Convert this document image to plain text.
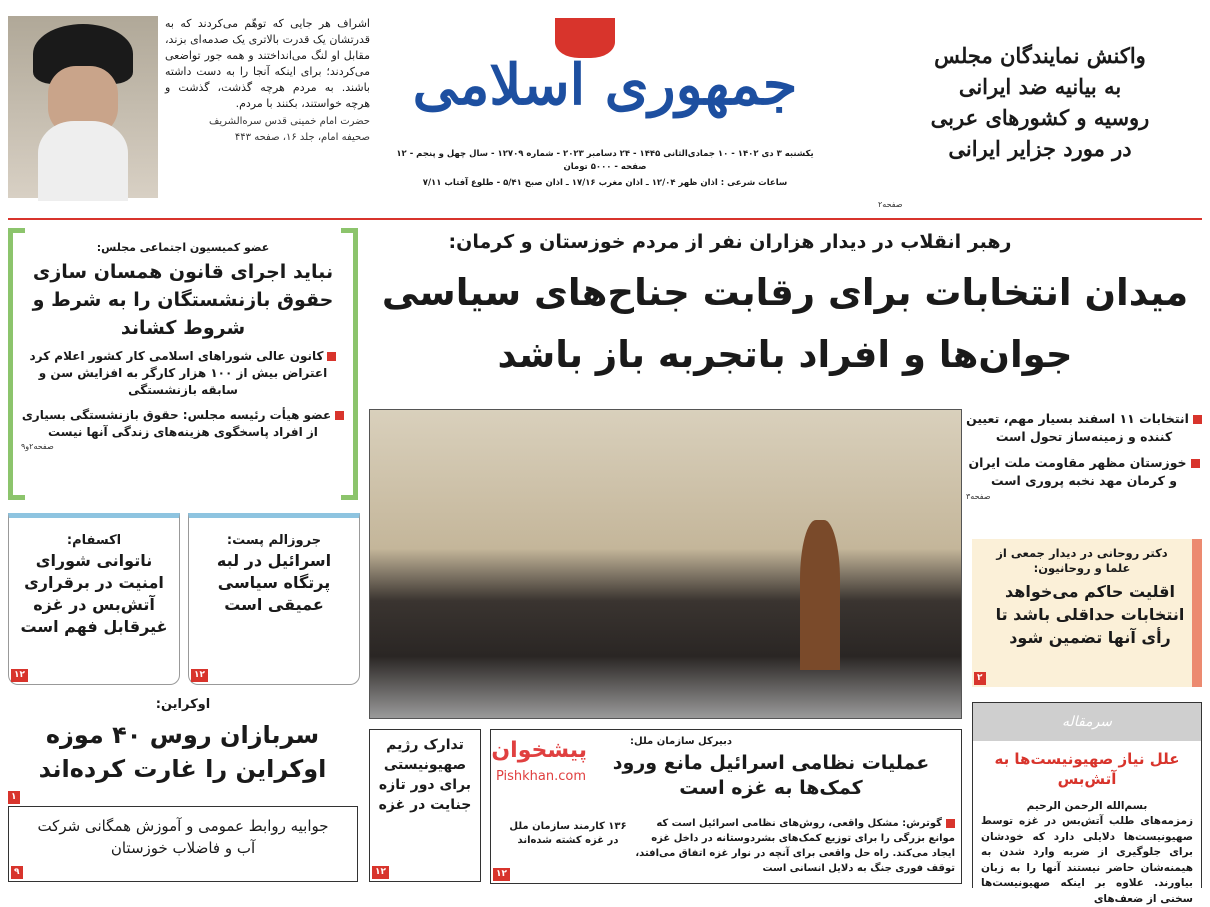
اشراف هر جایی که توهّم می‌کردند که به قدرتشان یک قدرت بالاتری یک صدمه‌ای بزند، مقابل او لنگ می‌انداختند و همه جور تواضعی می‌کردند؛ برای اینکه آنجا را به دست داشته باشند. به مردم هرچه گذشت، گذشت و هرچه خواستند، بکنند با مردم.
حضرت امام خمینی قدس سره‌الشریف
صحیفه امام، جلد ۱۶، صفحه ۴۴۳
جمهوری اسلامی
یکشنبه ۳ دی ۱۴۰۲ - ۱۰ جمادی‌الثانی ۱۴۴۵ - ۲۴ دسامبر ۲۰۲۳ - شماره ۱۲۷۰۹ - سال چهل و پنجم - ۱۲ صفحه - ۵۰۰۰ تومان
ساعات شرعی : اذان ظهر ۱۲/۰۴ ـ اذان مغرب ۱۷/۱۶ ـ اذان صبح ۵/۴۱ - طلوع آفتاب ۷/۱۱
واکنش نمایندگان مجلس
به بیانیه ضد ایرانی
روسیه و کشورهای عربی
در مورد جزایر ایرانی
صفحه۲
رهبر انقلاب در دیدار هزاران نفر از مردم خوزستان و کرمان:
میدان انتخابات برای رقابت جناح‌های سیاسی
جوان‌ها و افراد باتجربه باز باشد
انتخابات ۱۱ اسفند بسیار مهم، تعیین کننده و زمینه‌ساز تحول است
خوزستان مظهر مقاومت ملت ایران و کرمان مهد نخبه پروری است
صفحه۳
عضو کمیسیون اجتماعی مجلس:
نباید اجرای قانون همسان سازی حقوق بازنشستگان را به شرط و شروط کشاند
کانون عالی شوراهای اسلامی کار کشور اعلام کرد اعتراض بیش از ۱۰۰ هزار کارگر به افزایش سن و سابقه بازنشستگی
عضو هیأت رئیسه مجلس: حقوق بازنشستگی بسیاری از افراد پاسخگوی هزینه‌های زندگی آنها نیست
صفحه۲و۹
اکسفام:
ناتوانی شورای امنیت در برقراری آتش‌بس در غزه غیرقابل فهم است
۱۲
جروزالم پست:
اسرائیل در لبه پرتگاه سیاسی عمیقی است
۱۲
اوکراین:
سربازان روس ۴۰ موزه اوکراین را غارت کرده‌اند
۱
جوابیه روابط عمومی و آموزش همگانی شرکت آب و فاضلاب خوزستان
۹
تدارک رژیم صهیونیستی برای دور تازه جنایت در غزه
۱۲
دبیرکل سازمان ملل:
عملیات نظامی اسرائیل مانع ورود کمک‌ها به غزه است
گوترش: مشکل واقعی، روش‌های نظامی اسرائیل است که موانع بزرگی را برای توزیع کمک‌های بشردوستانه در داخل غزه ایجاد می‌کند. راه حل واقعی برای آنچه در نوار غزه اتفاق می‌افتد، توقف فوری جنگ به دلایل انسانی است
۱۳۶ کارمند سازمان ملل در غزه کشته شده‌اند
۱۲
پیشخوان
Pishkhan.com
دکتر روحانی در دیدار جمعی از علما و روحانیون:
اقلیت حاکم می‌خواهد انتخابات حداقلی باشد تا رأی آنها تضمین شود
۲
سرمقاله
علل نیاز صهیونیست‌ها به آتش‌بس
بسم‌الله الرحمن الرحیم
زمزمه‌های طلب آتش‌بس در غزه توسط صهیونیست‌ها دلایلی دارد که خودشان برای جلوگیری از ضربه وارد شدن به هیمنه‌شان حاضر نیستند آنها را به زبان بیاورند. علاوه بر اینکه صهیونیست‌ها سخنی از ضعف‌های
